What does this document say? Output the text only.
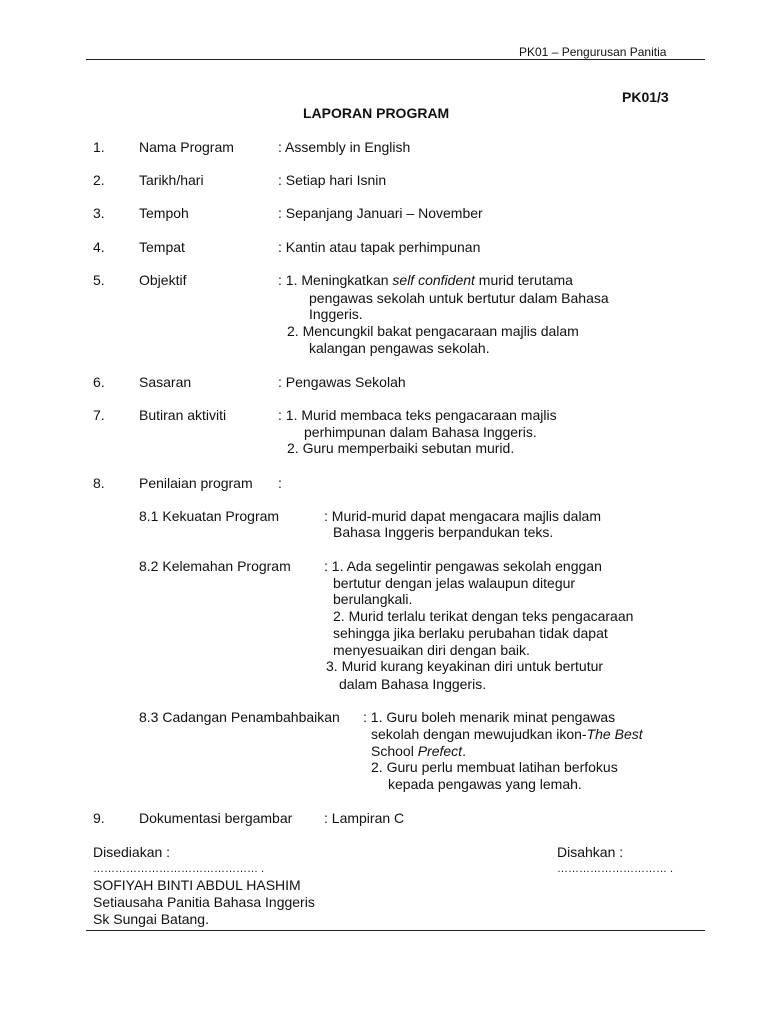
PK01 – Pengurusan Panitia
PK01/3
LAPORAN PROGRAM
1. Nama Program	: Assembly in English
2. Tarikh/hari	: Setiap hari Isnin
3. Tempoh	: Sepanjang Januari – November
4. Tempat	: Kantin atau tapak perhimpunan
5. Objektif	: 1. Meningkatkan self confident murid terutama
pengawas sekolah untuk bertutur dalam Bahasa
Inggeris.
2. Mencungkil bakat pengacaraan majlis dalam
kalangan pengawas sekolah.
6. Sasaran	: Pengawas Sekolah
7. Butiran aktiviti	: 1. Murid membaca teks pengacaraan majlis
perhimpunan dalam Bahasa Inggeris.
2. Guru memperbaiki sebutan murid.
8. Penilaian program :
8.1 Kekuatan Program	: Murid-murid dapat mengacara majlis dalam
Bahasa Inggeris berpandukan teks.
8.2 Kelemahan Program : 1. Ada segelintir pengawas sekolah enggan
bertutur dengan jelas walaupun ditegur
berulangkali.
2. Murid terlalu terikat dengan teks pengacaraan
sehingga jika berlaku perubahan tidak dapat
menyesuaikan diri dengan baik.
3. Murid kurang keyakinan diri untuk bertutur
dalam Bahasa Inggeris.
8.3 Cadangan Penambahbaikan : 1. Guru boleh menarik minat pengawas
sekolah dengan mewujudkan ikon-The Best
School Prefect.
2. Guru perlu membuat latihan berfokus
kepada pengawas yang lemah.
9. Dokumentasi bergambar : Lampiran C
Disediakan :
……………………………………… .
SOFIYAH BINTI ABDUL HASHIM
Setiausaha Panitia Bahasa Inggeris
Sk Sungai Batang.
Disahkan :
………………………… .
